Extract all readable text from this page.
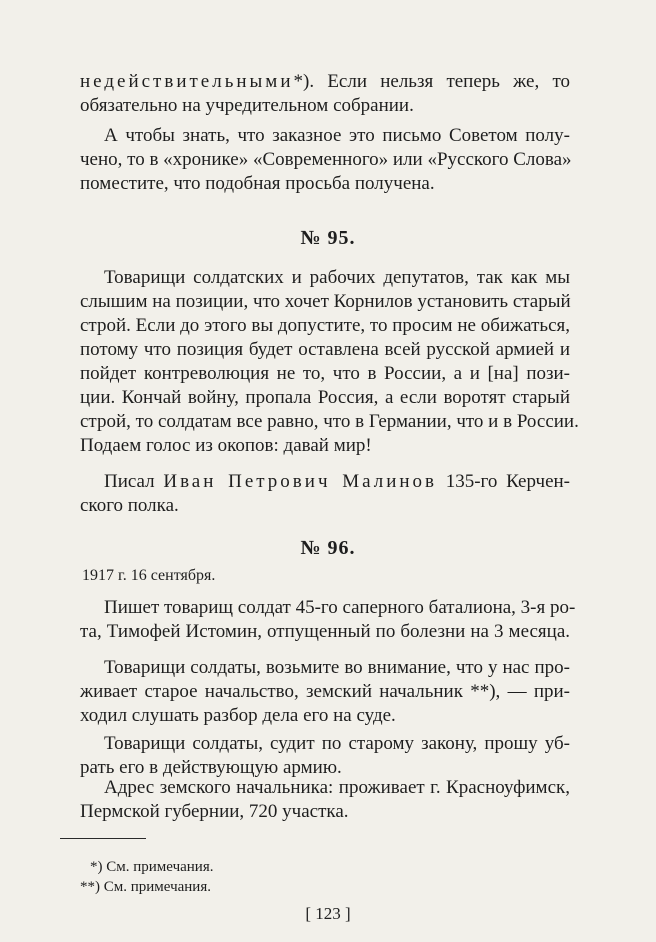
недействительными*). Если нельзя теперь же, то
обязательно на учредительном собрании.
А чтобы знать, что заказное это письмо Советом полу-
чено, то в «хронике» «Современного» или «Русского Слова»
поместите, что подобная просьба получена.
№ 95.
Товарищи солдатских и рабочих депутатов, так как мы
слышим на позиции, что хочет Корнилов установить старый
строй. Если до этого вы допустите, то просим не обижаться,
потому что позиция будет оставлена всей русской армией и
пойдет контреволюция не то, что в России, а и [на] пози-
ции. Кончай войну, пропала Россия, а если воротят старый
строй, то солдатам все равно, что в Германии, что и в России.
Подаем голос из окопов: давай мир!
Писал Иван Петрович Малинов 135-го Керчен-
ского полка.
№ 96.
1917 г. 16 сентября.
Пишет товарищ солдат 45-го саперного баталиона, 3-я ро-
та, Тимофей Истомин, отпущенный по болезни на 3 месяца.
Товарищи солдаты, возьмите во внимание, что у нас про-
живает старое начальство, земский начальник **), — при-
ходил слушать разбор дела его на суде.
Товарищи солдаты, судит по старому закону, прошу уб-
рать его в действующую армию.
Адрес земского начальника: проживает г. Красноуфимск,
Пермской губернии, 720 участка.
*) См. примечания.
**) См. примечания.
[ 123 ]
